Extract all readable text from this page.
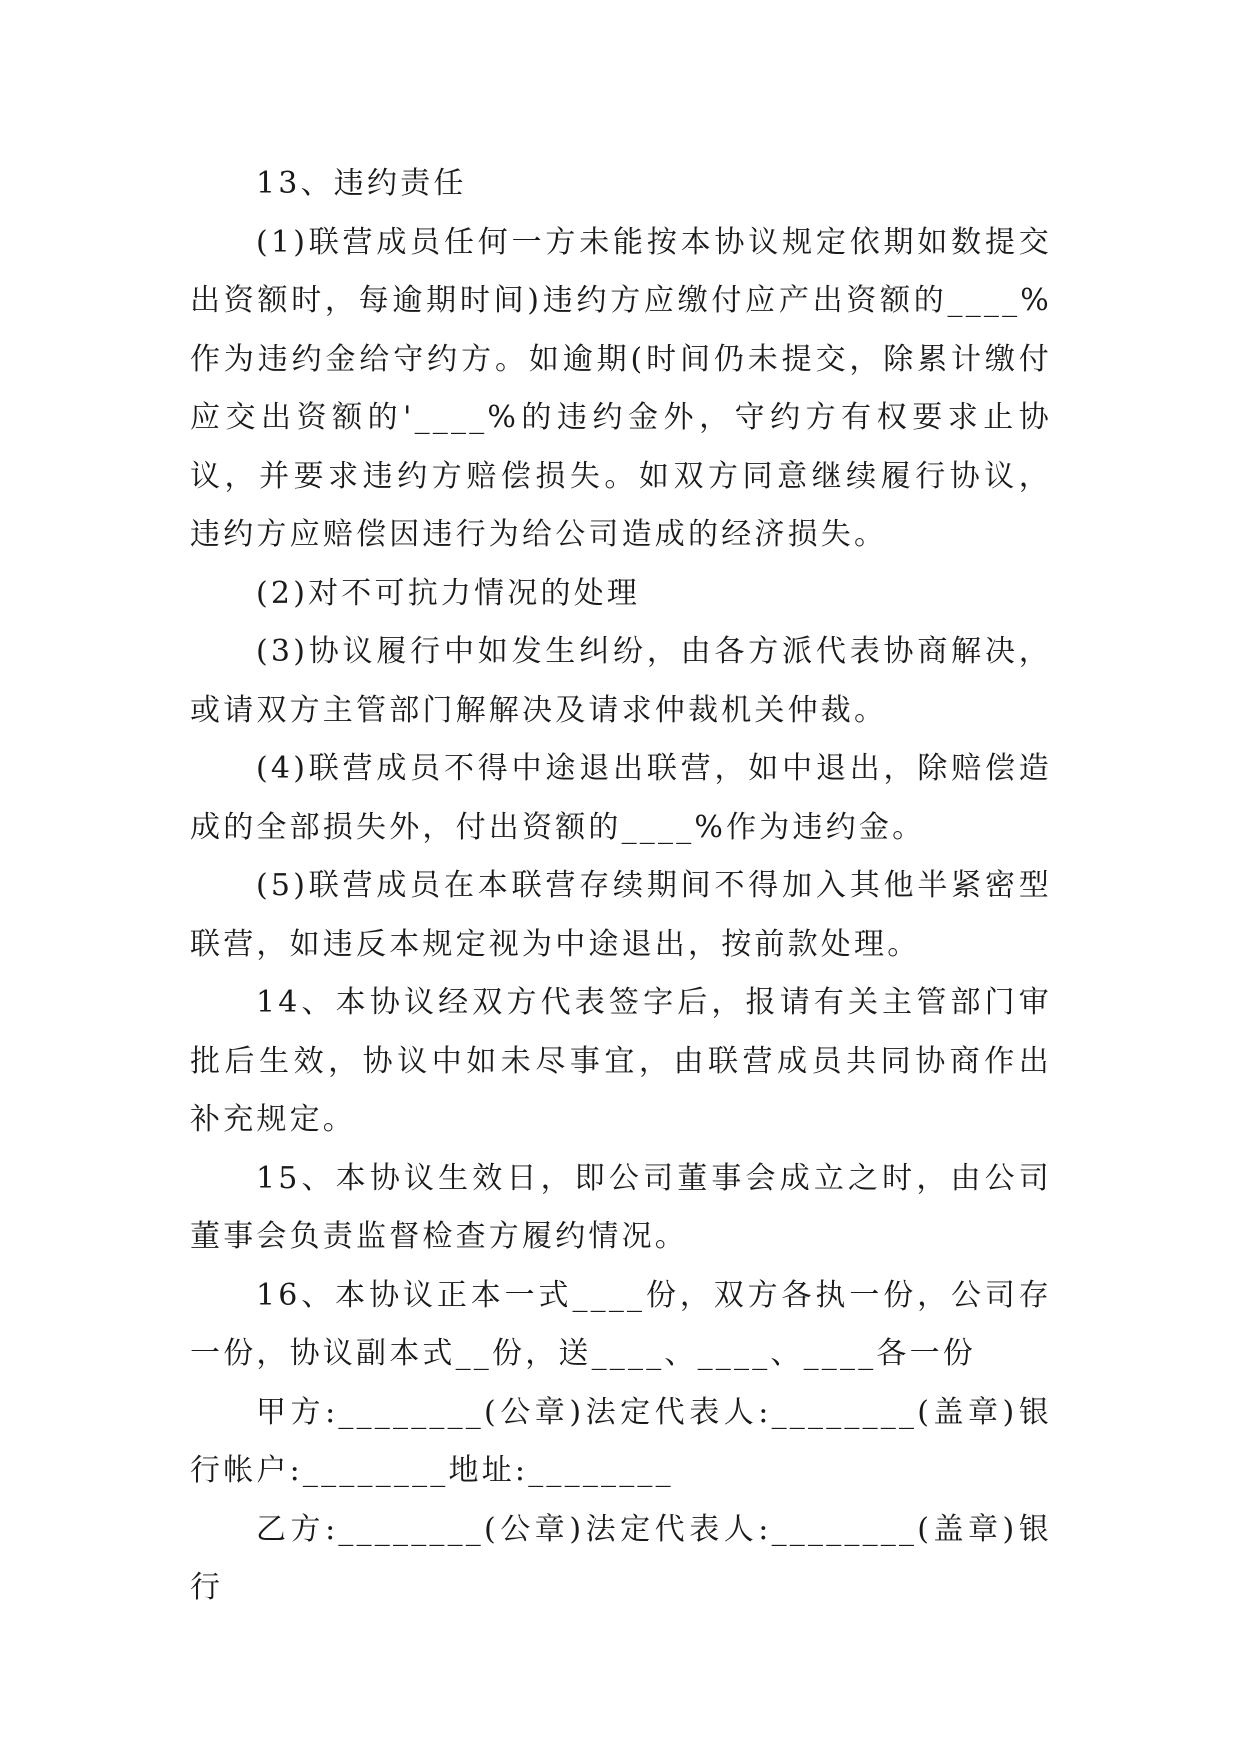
13、违约责任

(1)联营成员任何一方未能按本协议规定依期如数提交出资额时，每逾期时间)违约方应缴付应产出资额的____%作为违约金给守约方。如逾期(时间仍未提交，除累计缴付应交出资额的'____%的违约金外，守约方有权要求止协议，并要求违约方赔偿损失。如双方同意继续履行协议，违约方应赔偿因违行为给公司造成的经济损失。

(2)对不可抗力情况的处理

(3)协议履行中如发生纠纷，由各方派代表协商解决，或请双方主管部门解解决及请求仲裁机关仲裁。

(4)联营成员不得中途退出联营，如中退出，除赔偿造成的全部损失外，付出资额的____%作为违约金。

(5)联营成员在本联营存续期间不得加入其他半紧密型联营，如违反本规定视为中途退出，按前款处理。

14、本协议经双方代表签字后，报请有关主管部门审批后生效，协议中如未尽事宜，由联营成员共同协商作出补充规定。

15、本协议生效日，即公司董事会成立之时，由公司董事会负责监督检查方履约情况。

16、本协议正本一式____份，双方各执一份，公司存一份，协议副本式__份，送____、____、____各一份

甲方:________(公章)法定代表人:________(盖章)银行帐户:________地址:________

乙方:________(公章)法定代表人:________(盖章)银行
